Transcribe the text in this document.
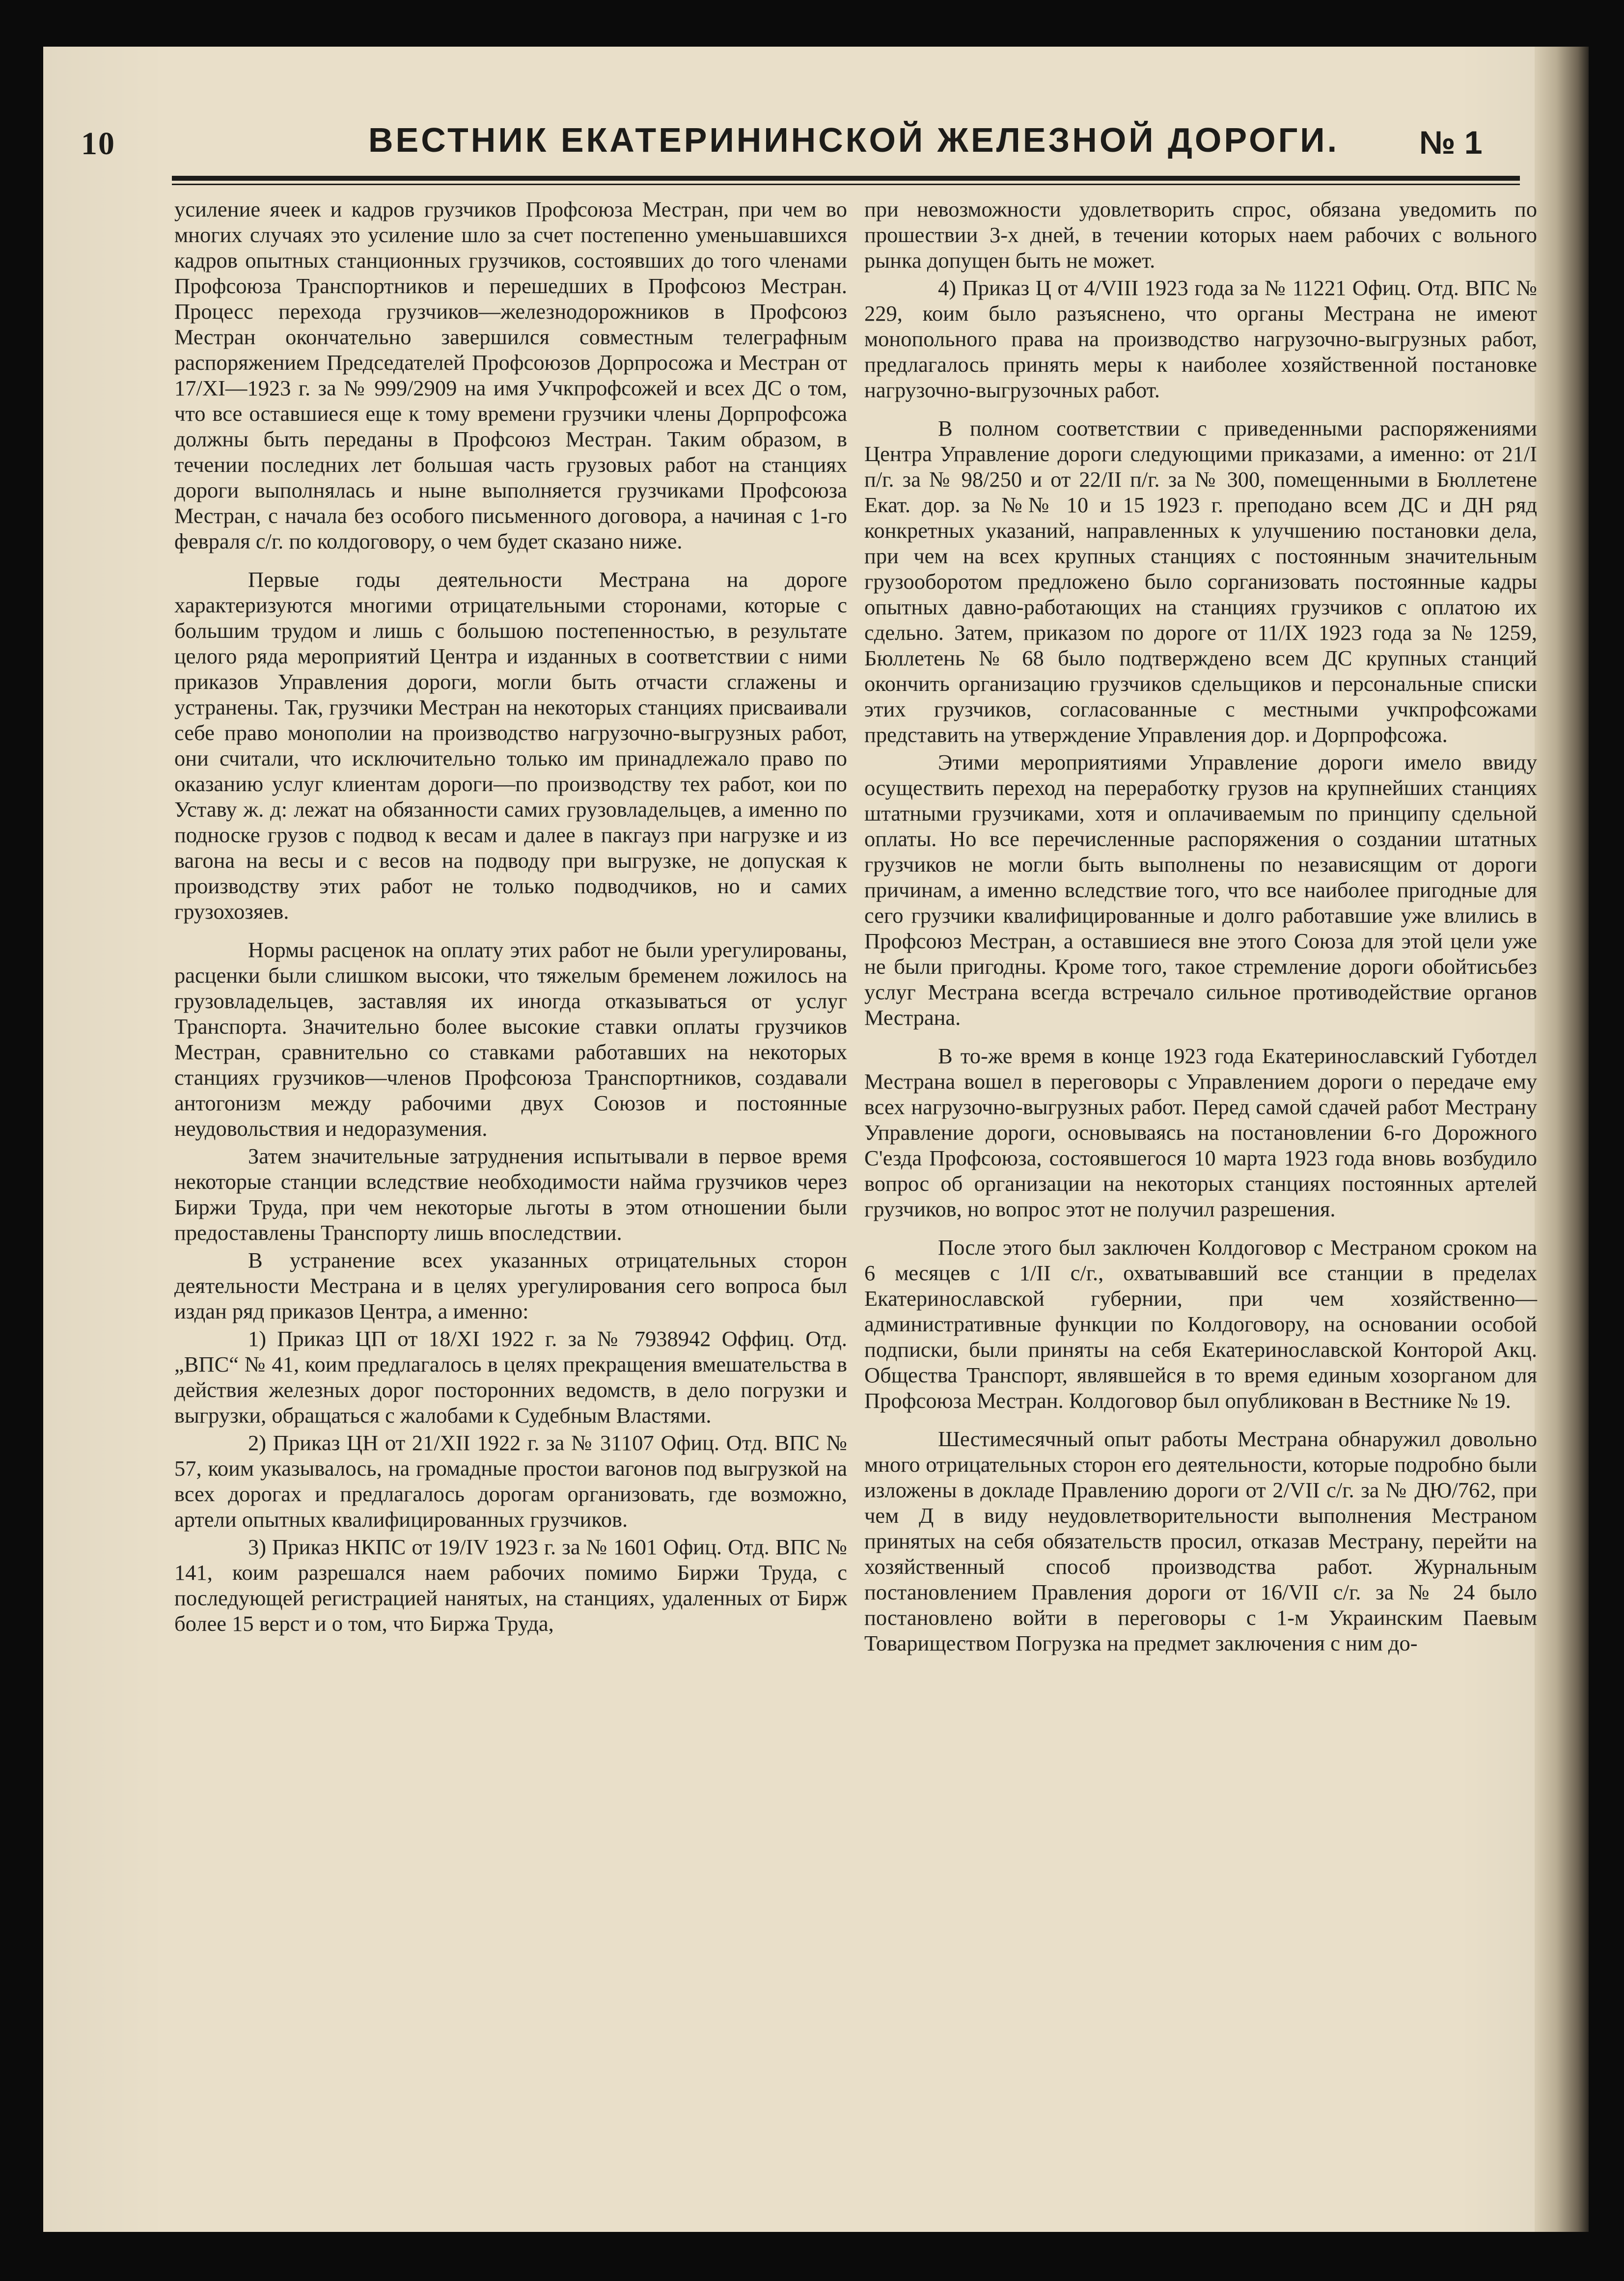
10	ВЕСТНИК ЕКАТЕРИНИНСКОЙ ЖЕЛЕЗНОЙ ДОРОГИ. № 1

усиление ячеек и кадров грузчиков Профсоюза Местран, при чем во многих случаях это усиление шло за счет постепенно уменьшавшихся кадров опытных станционных грузчиков, состоявших до того членами Профсоюза Транспортников и перешедших в Профсоюз Местран. Процесс перехода грузчиков—железнодорожников в Профсоюз Местран окончательно завершился совместным телеграфным распоряжением Председателей Профсоюзов Дорпросожа и Местран от 17/XI—1923 г. за № 999/2909 на имя Учкпрофсожей и всех ДС о том, что все оставшиеся еще к тому времени грузчики члены Дорпрофсожа должны быть переданы в Профсоюз Местран. Таким образом, в течении последних лет большая часть грузовых работ на станциях дороги выполнялась и ныне выполняется грузчиками Профсоюза Местран, с начала без особого письменного договора, а начиная с 1-го февраля с/г. по колдоговору, о чем будет сказано ниже.

Первые годы деятельности Местрана на дороге характеризуются многими отрицательными сторонами, которые с большим трудом и лишь с большою постепенностью, в результате целого ряда мероприятий Центра и изданных в соответствии с ними приказов Управления дороги, могли быть отчасти сглажены и устранены. Так, грузчики Местран на некоторых станциях присваивали себе право монополии на производство нагрузочно-выгрузных работ, они считали, что исключительно только им принадлежало право по оказанию услуг клиентам дороги—по производству тех работ, кои по Уставу ж. д: лежат на обязанности самих грузовладельцев, а именно по подноске грузов с подвод к весам и далее в пакгауз при нагрузке и из вагона на весы и с весов на подводу при выгрузке, не допуская к производству этих работ не только подводчиков, но и самих грузохозяев.

Нормы расценок на оплату этих работ не были урегулированы, расценки были слишком высоки, что тяжелым бременем ложилось на грузовладельцев, заставляя их иногда отказываться от услуг Транспорта. Значительно более высокие ставки оплаты грузчиков Местран, сравнительно со ставками работавших на некоторых станциях грузчиков—членов Профсоюза Транспортников, создавали антогонизм между рабочими двух Союзов и постоянные неудовольствия и недоразумения.

Затем значительные затруднения испытывали в первое время некоторые станции вследствие необходимости найма грузчиков через Биржи Труда, при чем некоторые льготы в этом отношении были предоставлены Транспорту лишь впоследствии.

В устранение всех указанных отрицательных сторон деятельности Местрана и в целях урегулирования сего вопроса был издан ряд приказов Центра, а именно:

1) Приказ ЦП от 18/XI 1922 г. за № 7938942 Оффиц. Отд. „ВПС“ № 41, коим предлагалось в целях прекращения вмешательства в действия железных дорог посторонних ведомств, в дело погрузки и выгрузки, обращаться с жалобами к Судебным Властями.

2) Приказ ЦН от 21/XII 1922 г. за № 31107 Офиц. Отд. ВПС № 57, коим указывалось, на громадные простои вагонов под выгрузкой на всех дорогах и предлагалось дорогам организовать, где возможно, артели опытных квалифицированных грузчиков.

3) Приказ НКПС от 19/IV 1923 г. за № 1601 Офиц. Отд. ВПС № 141, коим разрешался наем рабочих помимо Биржи Труда, с последующей регистрацией нанятых, на станциях, удаленных от Бирж более 15 верст и о том, что Биржа Труда,

при невозможности удовлетворить спрос, обязана уведомить по прошествии 3-х дней, в течении которых наем рабочих с вольного рынка допущен быть не может.

4) Приказ Ц от 4/VIII 1923 года за № 11221 Офиц. Отд. ВПС № 229, коим было разъяснено, что органы Местрана не имеют монопольного права на производство нагрузочно-выгрузных работ, предлагалось принять меры к наиболее хозяйственной постановке нагрузочно-выгрузочных работ.

В полном соответствии с приведенными распоряжениями Центра Управление дороги следующими приказами, а именно: от 21/I п/г. за № 98/250 и от 22/II п/г. за № 300, помещенными в Бюллетене Екат. дор. за №№ 10 и 15 1923 г. преподано всем ДС и ДН ряд конкретных указаний, направленных к улучшению постановки дела, при чем на всех крупных станциях с постоянным значительным грузооборотом предложено было сорганизовать постоянные кадры опытных давно-работающих на станциях грузчиков с оплатою их сдельно. Затем, приказом по дороге от 11/IX 1923 года за № 1259, Бюллетень № 68 было подтверждено всем ДС крупных станций окончить организацию грузчиков сдельщиков и персональные списки этих грузчиков, согласованные с местными учкпрофсожами представить на утверждение Управления дор. и Дорпрофсожа.

Этими мероприятиями Управление дороги имело ввиду осуществить переход на переработку грузов на крупнейших станциях штатными грузчиками, хотя и оплачиваемым по принципу сдельной оплаты. Но все перечисленные распоряжения о создании штатных грузчиков не могли быть выполнены по независящим от дороги причинам, а именно вследствие того, что все наиболее пригодные для сего грузчики квалифицированные и долго работавшие уже влились в Профсоюз Местран, а оставшиеся вне этого Союза для этой цели уже не были пригодны. Кроме того, такое стремление дороги обойтисьбез услуг Местрана всегда встречало сильное противодействие органов Местрана.

В то-же время в конце 1923 года Екатеринославский Губотдел Местрана вошел в переговоры с Управлением дороги о передаче ему всех нагрузочно-выгрузных работ. Перед самой сдачей работ Местрану Управление дороги, основываясь на постановлении 6-го Дорожного С'езда Профсоюза, состоявшегося 10 марта 1923 года вновь возбудило вопрос об организации на некоторых станциях постоянных артелей грузчиков, но вопрос этот не получил разрешения.

После этого был заключен Колдоговор с Местраном сроком на 6 месяцев с 1/II с/г., охватывавший все станции в пределах Екатеринославской губернии, при чем хозяйственно—административные функции по Колдоговору, на основании особой подписки, были приняты на себя Екатеринославской Конторой Акц. Общества Транспорт, являвшейся в то время единым хозорганом для Профсоюза Местран. Колдоговор был опубликован в Вестнике № 19.

Шестимесячный опыт работы Местрана обнаружил довольно много отрицательных сторон его деятельности, которые подробно были изложены в докладе Правлению дороги от 2/VII с/г. за № ДЮ/762, при чем Д в виду неудовлетворительности выполнения Местраном принятых на себя обязательств просил, отказав Местрану, перейти на хозяйственный способ производства работ. Журнальным постановлением Правления дороги от 16/VII с/г. за № 24 было постановлено войти в переговоры с 1-м Украинским Паевым Товариществом Погрузка на предмет заключения с ним до-
